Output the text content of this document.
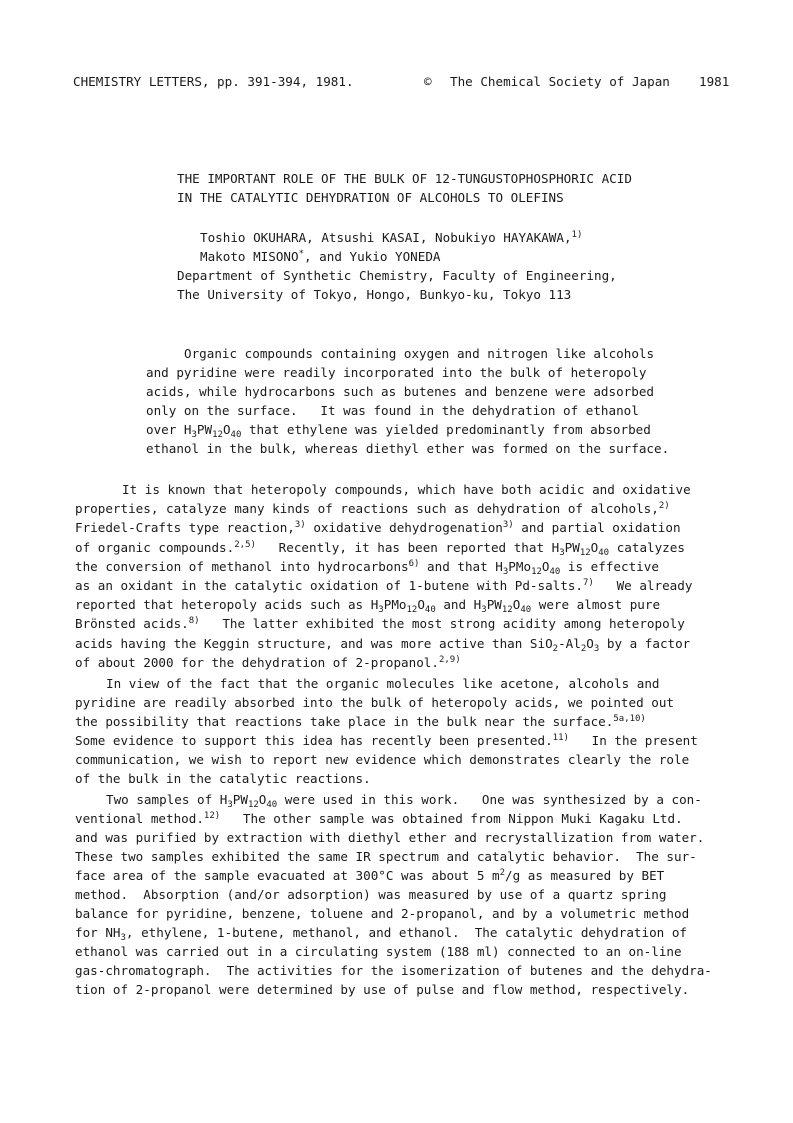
CHEMISTRY LETTERS, pp. 391-394, 1981.	© The Chemical Society of Japan 1981
THE IMPORTANT ROLE OF THE BULK OF 12-TUNGUSTOPHOSPHORIC ACID
IN THE CATALYTIC DEHYDRATION OF ALCOHOLS TO OLEFINS
Toshio OKUHARA, Atsushi KASAI, Nobukiyo HAYAKAWA,$^{1)}$
Makoto MISONO*, and Yukio YONEDA
Department of Synthetic Chemistry, Faculty of Engineering,
The University of Tokyo, Hongo, Bunkyo-ku, Tokyo 113
Organic compounds containing oxygen and nitrogen like alcohols
and pyridine were readily incorporated into the bulk of heteropoly
acids, while hydrocarbons such as butenes and benzene were adsorbed
only on the surface.   It was found in the dehydration of ethanol
over $H_3PW_{12}O_{40}$ that ethylene was yielded predominantly from absorbed
ethanol in the bulk, whereas diethyl ether was formed on the surface.
It is known that heteropoly compounds, which have both acidic and oxidative
properties, catalyze many kinds of reactions such as dehydration of alcohols,$^{2)}$
Friedel-Crafts type reaction,$^{3)}$ oxidative dehydrogenation$^{3)}$ and partial oxidation
of organic compounds.$^{2,5)}$   Recently, it has been reported that $H_3PW_{12}O_{40}$ catalyzes
the conversion of methanol into hydrocarbons$^{6)}$ and that $H_3PMo_{12}O_{40}$ is effective
as an oxidant in the catalytic oxidation of 1-butene with Pd-salts.$^{7)}$   We already
reported that heteropoly acids such as $H_3PMo_{12}O_{40}$ and $H_3PW_{12}O_{40}$ were almost pure
Brönsted acids.$^{8)}$   The latter exhibited the most strong acidity among heteropoly
acids having the Keggin structure, and was more active than $SiO_2-Al_2O_3$ by a factor
of about 2000 for the dehydration of 2-propanol.$^{2,9)}$
In view of the fact that the organic molecules like acetone, alcohols and
pyridine are readily absorbed into the bulk of heteropoly acids, we pointed out
the possibility that reactions take place in the bulk near the surface.$^{5a,10)}$
Some evidence to support this idea has recently been presented.$^{11)}$   In the present
communication, we wish to report new evidence which demonstrates clearly the role
of the bulk in the catalytic reactions.
Two samples of $H_3PW_{12}O_{40}$ were used in this work.   One was synthesized by a con-
ventional method.$^{12)}$   The other sample was obtained from Nippon Muki Kagaku Ltd.
and was purified by extraction with diethyl ether and recrystallization from water.
These two samples exhibited the same IR spectrum and catalytic behavior.  The sur-
face area of the sample evacuated at 300°C was about 5 $m^2/g$ as measured by BET
method.  Absorption (and/or adsorption) was measured by use of a quartz spring
balance for pyridine, benzene, toluene and 2-propanol, and by a volumetric method
for $NH_3$, ethylene, 1-butene, methanol, and ethanol.  The catalytic dehydration of
ethanol was carried out in a circulating system (188 ml) connected to an on-line
gas-chromatograph.  The activities for the isomerization of butenes and the dehydra-
tion of 2-propanol were determined by use of pulse and flow method, respectively.
